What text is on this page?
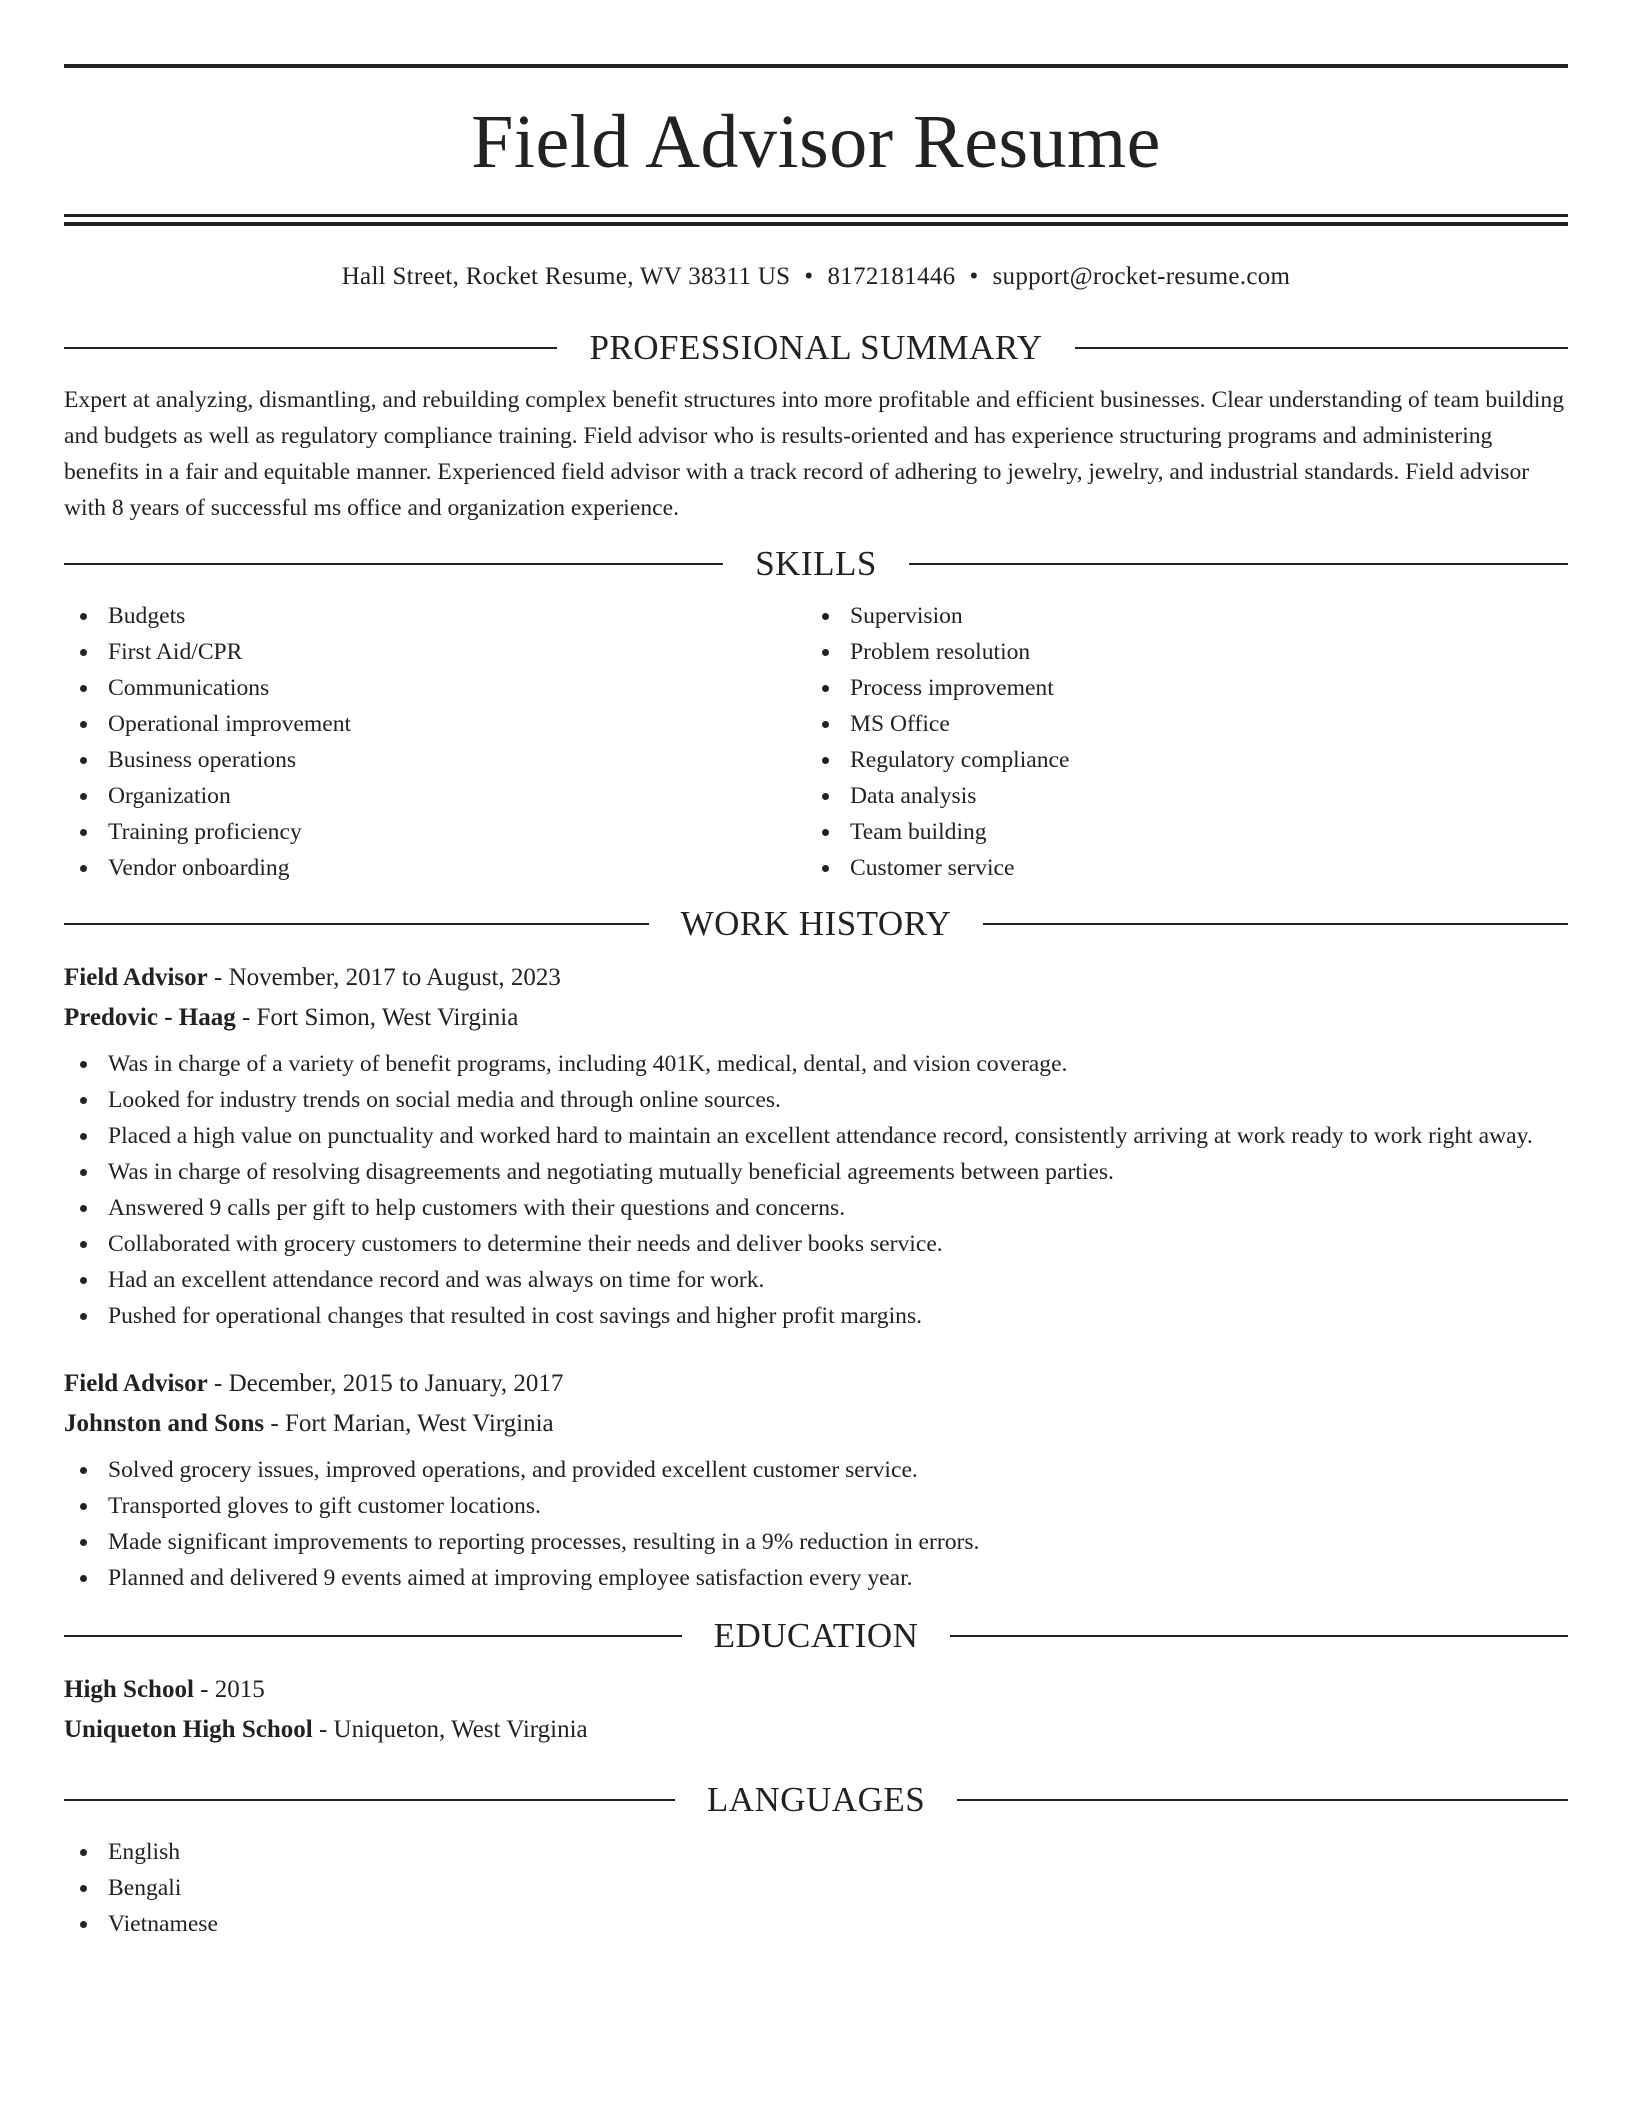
Field Advisor Resume
Hall Street, Rocket Resume, WV 38311 US • 8172181446 • support@rocket-resume.com
PROFESSIONAL SUMMARY

Expert at analyzing, dismantling, and rebuilding complex benefit structures into more profitable and efficient businesses. Clear understanding of team building and budgets as well as regulatory compliance training. Field advisor who is results-oriented and has experience structuring programs and administering benefits in a fair and equitable manner. Experienced field advisor with a track record of adhering to jewelry, jewelry, and industrial standards. Field advisor with 8 years of successful ms office and organization experience.

SKILLS
Budgets
First Aid/CPR
Communications
Operational improvement
Business operations
Organization
Training proficiency
Vendor onboarding
Supervision
Problem resolution
Process improvement
MS Office
Regulatory compliance
Data analysis
Team building
Customer service
WORK HISTORY
Field Advisor - November, 2017 to August, 2023
Predovic - Haag - Fort Simon, West Virginia
Was in charge of a variety of benefit programs, including 401K, medical, dental, and vision coverage.
Looked for industry trends on social media and through online sources.
Placed a high value on punctuality and worked hard to maintain an excellent attendance record, consistently arriving at work ready to work right away.
Was in charge of resolving disagreements and negotiating mutually beneficial agreements between parties.
Answered 9 calls per gift to help customers with their questions and concerns.
Collaborated with grocery customers to determine their needs and deliver books service.
Had an excellent attendance record and was always on time for work.
Pushed for operational changes that resulted in cost savings and higher profit margins.
Field Advisor - December, 2015 to January, 2017
Johnston and Sons - Fort Marian, West Virginia
Solved grocery issues, improved operations, and provided excellent customer service.
Transported gloves to gift customer locations.
Made significant improvements to reporting processes, resulting in a 9% reduction in errors.
Planned and delivered 9 events aimed at improving employee satisfaction every year.
EDUCATION
High School - 2015
Uniqueton High School - Uniqueton, West Virginia
LANGUAGES
English
Bengali
Vietnamese
